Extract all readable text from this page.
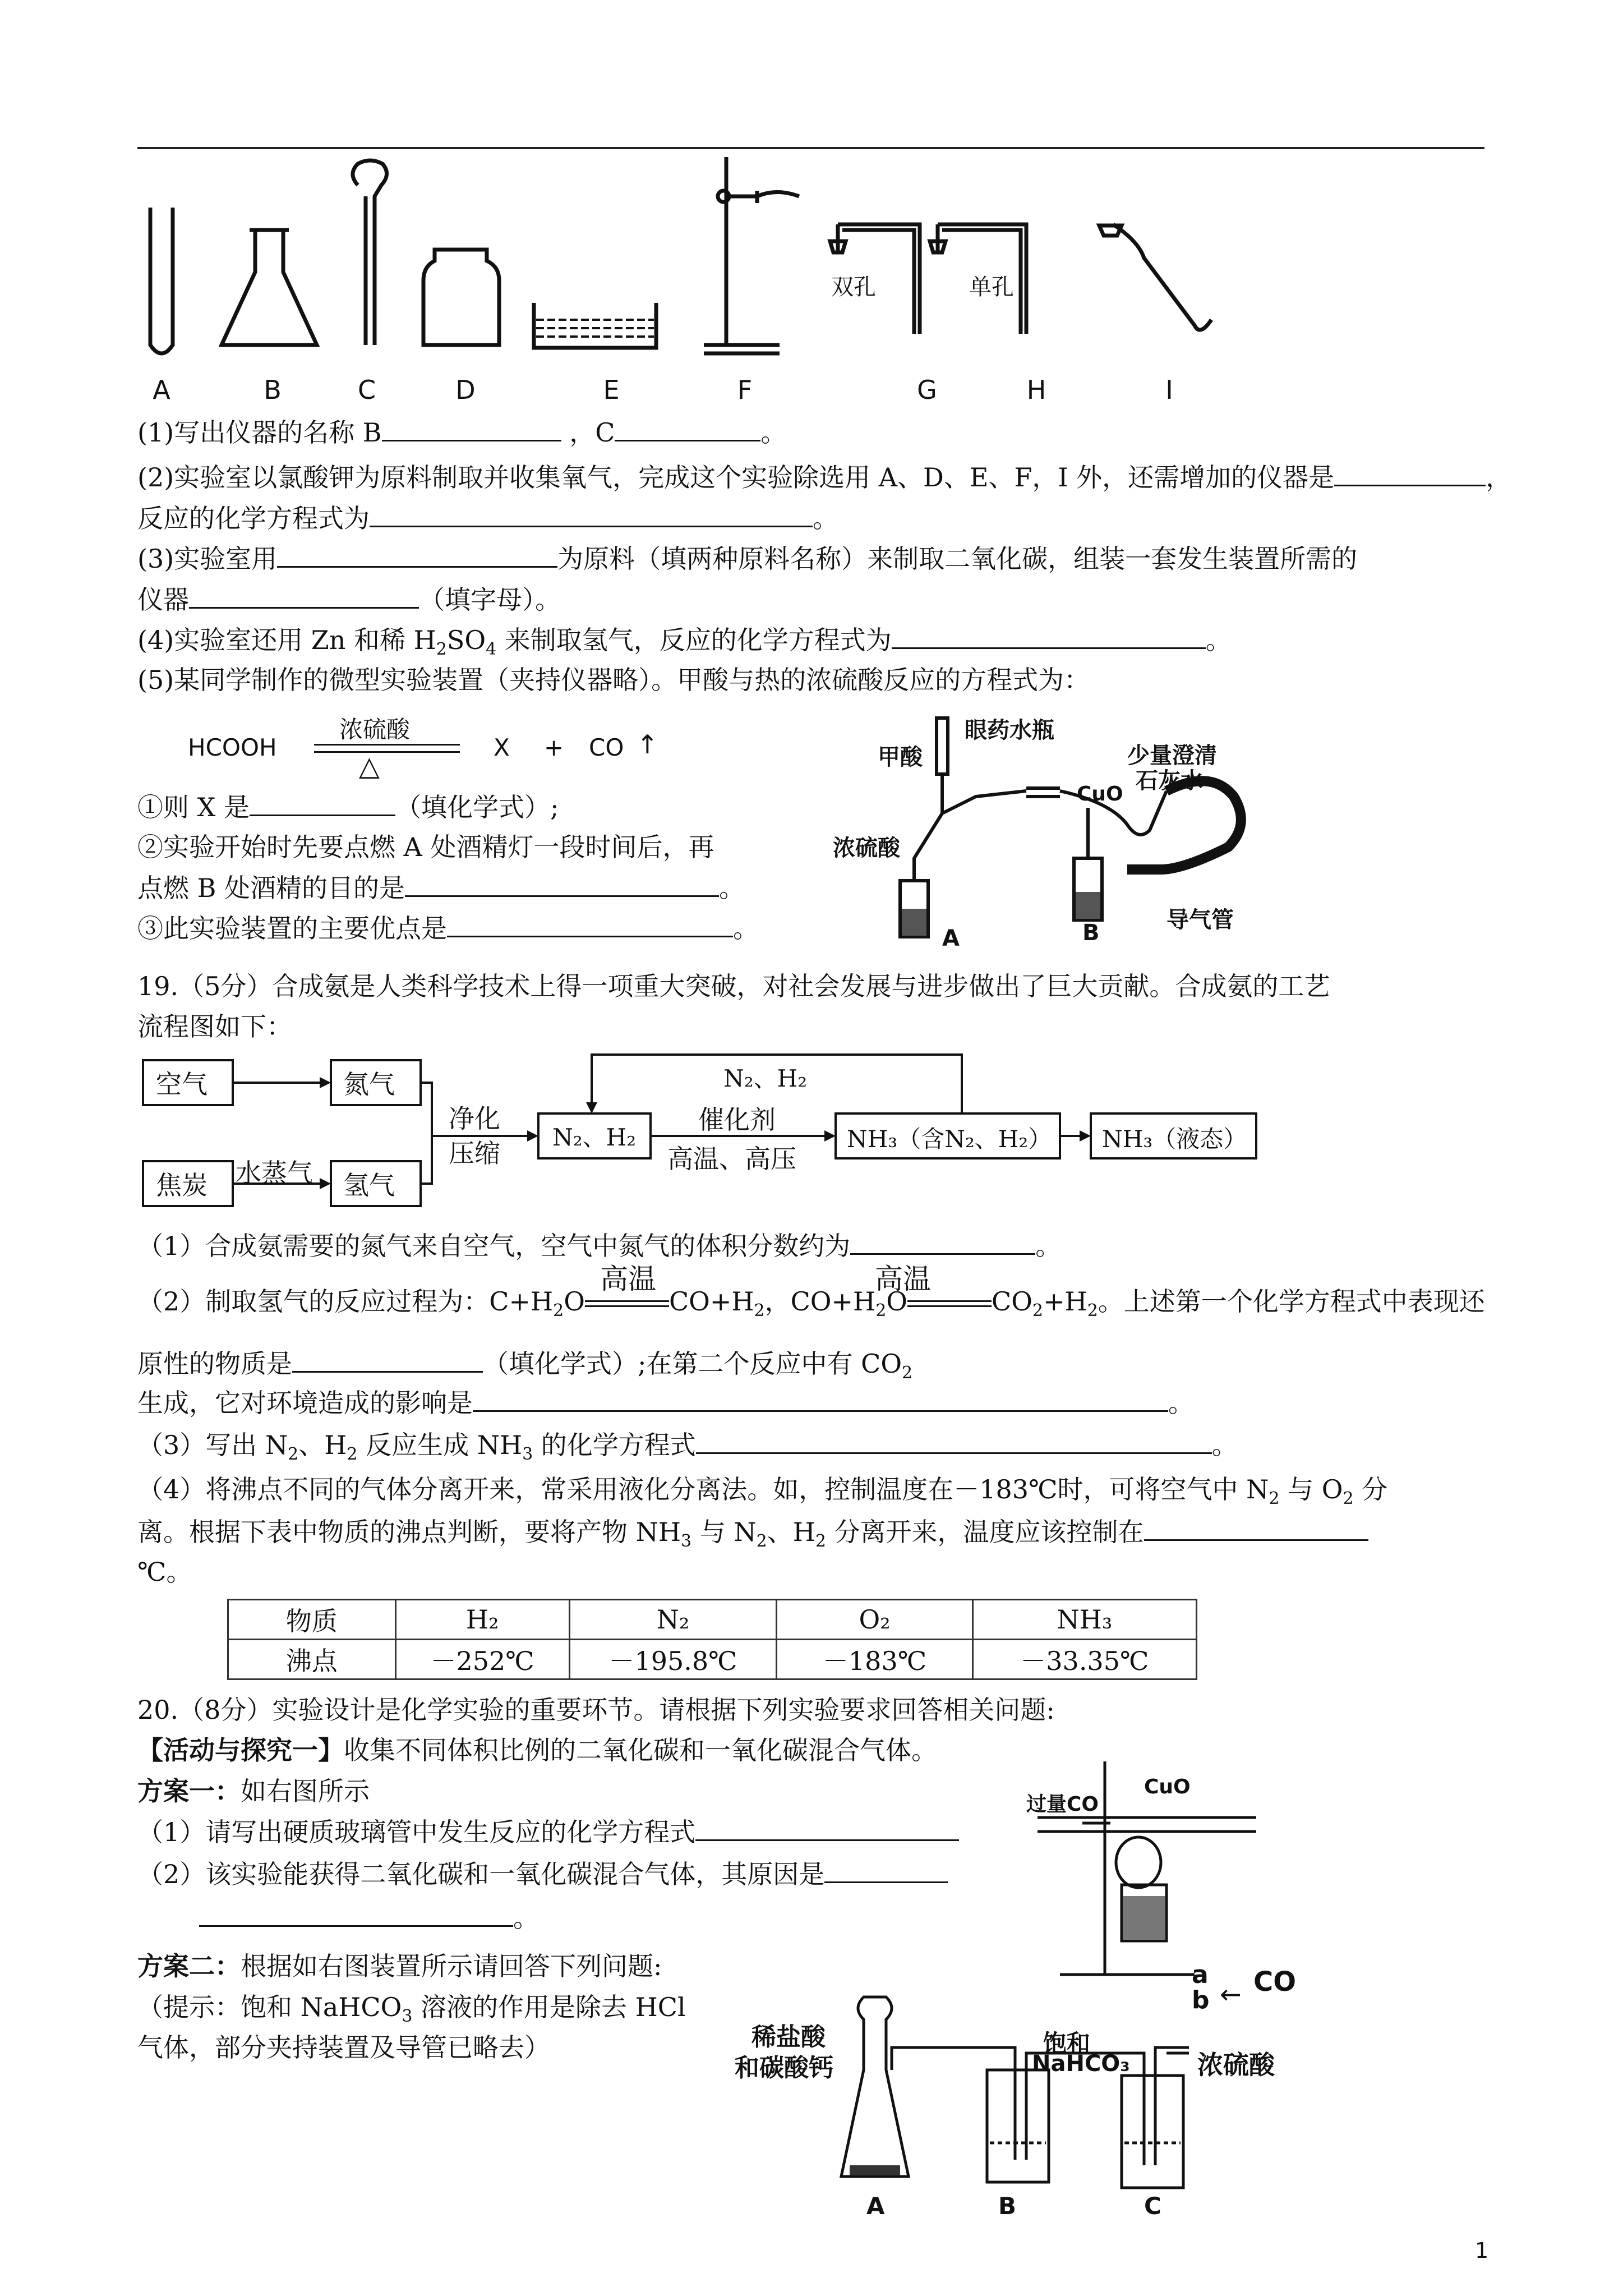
双孔	单孔
A	B	C	D	E	F	G	H	I
(1)写出仪器的名称 B	，C	。
(2)实验室以氯酸钾为原料制取并收集氧气，完成这个实验除选用 A、D、E、F，I 外，还需增加的仪器是	，
反应的化学方程式为	。
(3)实验室用	为原料（填两种原料名称）来制取二氧化碳，组装一套发生装置所需的
仪器	（填字母）。
(4)实验室还用 Zn 和稀 $H_2SO_4$ 来制取氢气，反应的化学方程式为	。
(5)某同学制作的微型实验装置（夹持仪器略）。甲酸与热的浓硫酸反应的方程式为：
HCOOH
浓硫酸
△
X + CO ↑
①则 X 是	（填化学式）;
②实验开始时先要点燃 A 处酒精灯一段时间后，再
点燃 B 处酒精的目的是	。
③此实验装置的主要优点是	。
眼药水瓶
甲酸	少量澄清
石灰水
CuO
浓硫酸
A	B	导气管
19.（5分）合成氨是人类科学技术上得一项重大突破，对社会发展与进步做出了巨大贡献。合成氨的工艺
流程图如下：
空气	氮气
焦炭 水蒸气 氢气
净化
压缩
N₂、H₂
N₂、H₂
催化剂
高温、高压
NH₃（含N₂、H₂） NH₃（液态）
（1）合成氨需要的氮气来自空气，空气中氮气的体积分数约为	。
（2）制取氢气的反应过程为：$C+H_2O$	$CO+H_2$，$CO+H_2O$	$CO_2+H_2$。上述第一个化学方程式中表现还
高温	高温
原性的物质是	（填化学式）;在第二个反应中有 $CO_2$
生成，它对环境造成的影响是	。
（3）写出 $N_2$、$H_2$ 反应生成 $NH_3$ 的化学方程式	。
（4）将沸点不同的气体分离开来，常采用液化分离法。如，控制温度在－183℃时，可将空气中 $N_2$ 与 $O_2$ 分
离。根据下表中物质的沸点判断，要将产物 $NH_3$ 与 $N_2$、$H_2$ 分离开来，温度应该控制在
℃。
物质	H₂	N₂	O₂	NH₃
沸点	－252℃	－195.8℃	－183℃	－33.35℃
20.（8分）实验设计是化学实验的重要环节。请根据下列实验要求回答相关问题:
【活动与探究一】收集不同体积比例的二氧化碳和一氧化碳混合气体。
方案一：如右图所示
（1）请写出硬质玻璃管中发生反应的化学方程式
（2）该实验能获得二氧化碳和一氧化碳混合气体，其原因是
。
方案二：根据如右图装置所示请回答下列问题:
（提示：饱和 NaHCO$_3$ 溶液的作用是除去 HCl
气体，部分夹持装置及导管已略去）
过量CO
CuO
稀盐酸
和碳酸钙
饱和
NaHCO₃	浓硫酸
a
b
CO
←
A	B	C
1
